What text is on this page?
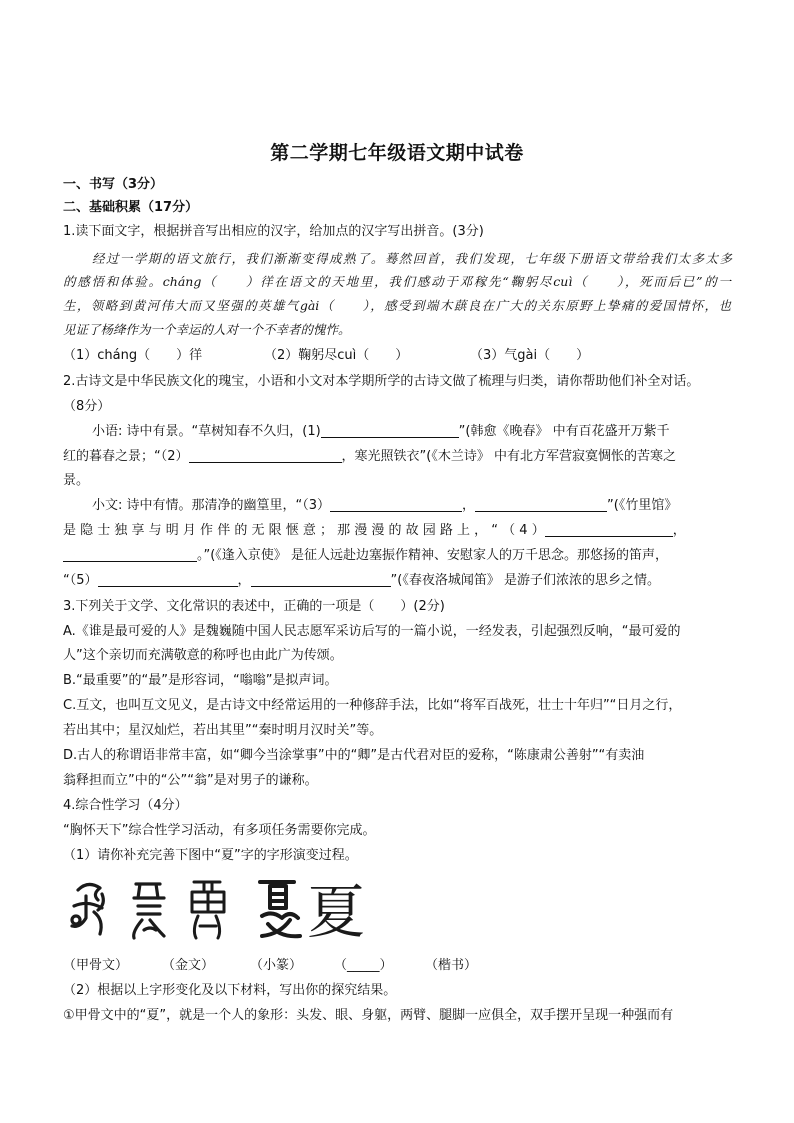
第二学期七年级语文期中试卷
一、书写（3分）
二、基础积累（17分）
1.读下面文字，根据拼音写出相应的汉字，给加点的汉字写出拼音。(3分)
经过一学期的语文旅行，我们渐渐变得成熟了。蓦然回首，我们发现，七年级下册语文带给我们太多太多
的感悟和体验。cháng（　　）徉在语文的天地里，我们感动于邓稼先“鞠躬尽cuì（　　），死而后已”的一
生，领略到黄河伟大而又坚强的英雄气gài（　　），感受到端木蕻良在广大的关东原野上挚痛的爱国情怀，也
见证了杨绛作为一个幸运的人对一个不幸者的愧怍。
（1）cháng（　　）徉	（2）鞠躬尽cuì（　　）	（3）气gài（　　）
2.古诗文是中华民族文化的瑰宝，小语和小文对本学期所学的古诗文做了梳理与归类，请你帮助他们补全对话。
（8分）
小语: 诗中有景。“草树知春不久归，(1)	”(韩愈《晚春》 中有百花盛开万紫千
红的暮春之景；“（2）	，寒光照铁衣”(《木兰诗》 中有北方军营寂寞惆怅的苦寒之
景。
小文: 诗中有情。那清净的幽篁里，“（3）	，	”(《竹里馆》
是 隐 士 独 享 与 明 月 作 伴 的 无 限 惬 意 ； 那 漫 漫 的 故 园 路 上 ， “ （ 4 ）	，
。”(《逢入京使》 是征人远赴边塞振作精神、安慰家人的万千思念。那悠扬的笛声，
“（5）	，	”(《春夜洛城闻笛》 是游子们浓浓的思乡之情。
3.下列关于文学、文化常识的表述中，正确的一项是（　　）(2分)
A.《谁是最可爱的人》是魏巍随中国人民志愿军采访后写的一篇小说，一经发表，引起强烈反响，“最可爱的
人”这个亲切而充满敬意的称呼也由此广为传颂。
B.“最重要”的“最”是形容词，“嗡嗡”是拟声词。
C.互文，也叫互文见义，是古诗文中经常运用的一种修辞手法，比如“将军百战死，壮士十年归”“日月之行，
若出其中；星汉灿烂，若出其里”“秦时明月汉时关”等。
D.古人的称谓语非常丰富，如“卿今当涂掌事”中的“卿”是古代君对臣的爱称，“陈康肃公善射”“有卖油
翁释担而立”中的“公”“翁”是对男子的谦称。
4.综合性学习（4分）
“胸怀天下”综合性学习活动，有多项任务需要你完成。
（1）请你补充完善下图中“夏”字的字形演变过程。
夏
（甲骨文）	（金文）	（小篆） （_____） （楷书）
（2）根据以上字形变化及以下材料，写出你的探究结果。
①甲骨文中的“夏”，就是一个人的象形：头发、眼、身躯，两臂、腿脚一应俱全，双手摆开呈现一种强而有
